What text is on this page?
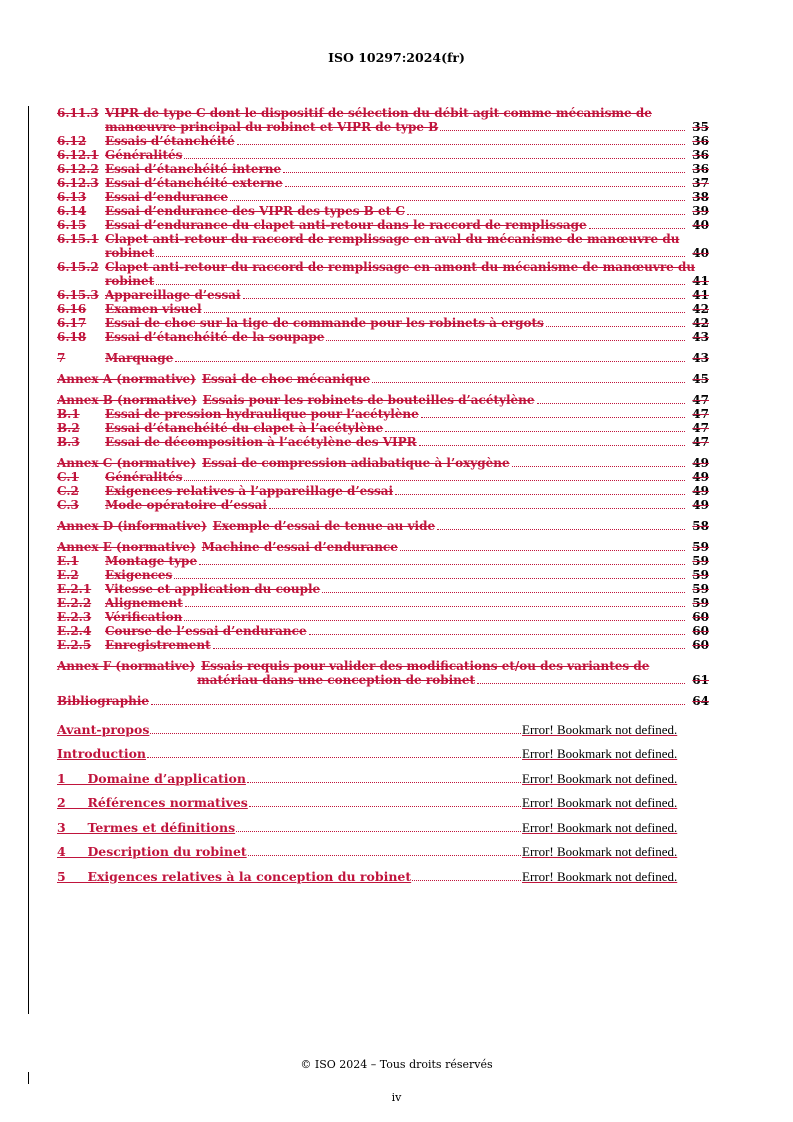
ISO 10297:2024(fr)
6.11.3 VIPR de type C dont le dispositif de sélection du débit agit comme mécanisme de
manœuvre principal du robinet et VIPR de type B	35
6.12	Essais d’étanchéité	36
6.12.1 Généralités	36
6.12.2 Essai d’étanchéité interne	36
6.12.3 Essai d’étanchéité externe	37
6.13	Essai d’endurance	38
6.14	Essai d’endurance des VIPR des types B et C	39
6.15	Essai d’endurance du clapet anti-retour dans le raccord de remplissage	40
6.15.1 Clapet anti-retour du raccord de remplissage en aval du mécanisme de manœuvre du
robinet	40
6.15.2 Clapet anti-retour du raccord de remplissage en amont du mécanisme de manœuvre du
robinet	41
6.15.3 Appareillage d’essai	41
6.16	Examen visuel	42
6.17	Essai de choc sur la tige de commande pour les robinets à ergots	42
6.18	Essai d’étanchéité de la soupape	43
7	Marquage	43
Annex A (normative) Essai de choc mécanique	45
Annex B (normative) Essais pour les robinets de bouteilles d’acétylène	47
B.1	Essai de pression hydraulique pour l’acétylène	47
B.2	Essai d’étanchéité du clapet à l’acétylène	47
B.3	Essai de décomposition à l’acétylène des VIPR	47
Annex C (normative) Essai de compression adiabatique à l’oxygène	49
C.1	Généralités	49
C.2	Exigences relatives à l’appareillage d’essai	49
C.3	Mode opératoire d’essai	49
Annex D (informative) Exemple d’essai de tenue au vide	58
Annex E (normative) Machine d’essai d’endurance	59
E.1	Montage type	59
E.2	Exigences	59
E.2.1	Vitesse et application du couple	59
E.2.2	Alignement	59
E.2.3	Vérification	60
E.2.4	Course de l’essai d’endurance	60
E.2.5	Enregistrement	60
Annex F (normative) Essais requis pour valider des modifications et/ou des variantes de
matériau dans une conception de robinet	61
Bibliographie	64
Avant-propos	Error! Bookmark not defined.
Introduction	Error! Bookmark not defined.
1     Domaine d’application	Error! Bookmark not defined.
2     Références normatives	Error! Bookmark not defined.
3     Termes et définitions	Error! Bookmark not defined.
4     Description du robinet	Error! Bookmark not defined.
5     Exigences relatives à la conception du robinet	Error! Bookmark not defined.
© ISO 2024 – Tous droits réservés
iv
